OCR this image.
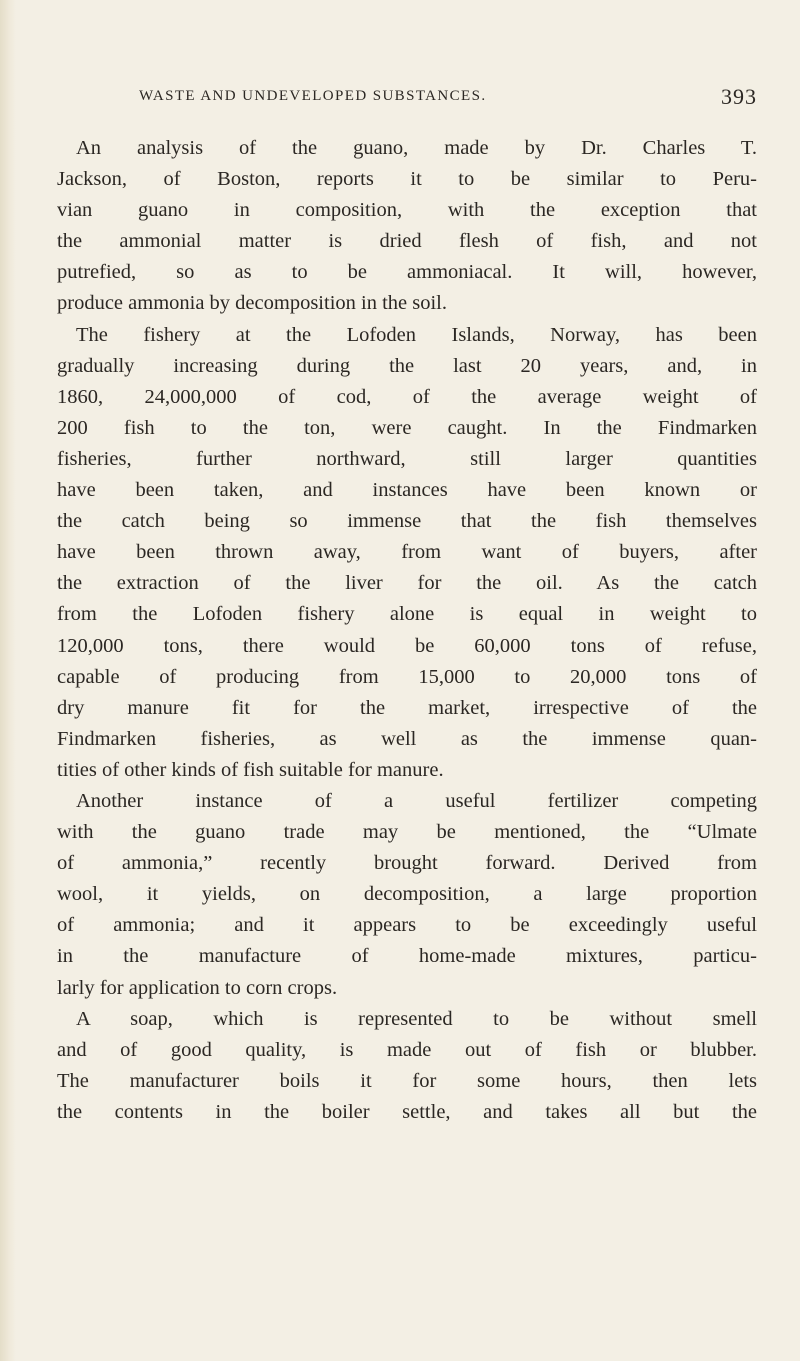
WASTE AND UNDEVELOPED SUBSTANCES.	393
An analysis of the guano, made by Dr. Charles T.
Jackson, of Boston, reports it to be similar to Peru-
vian guano in composition, with the exception that
the ammonial matter is dried flesh of fish, and not
putrefied, so as to be ammoniacal. It will, however,
produce ammonia by decomposition in the soil.
The fishery at the Lofoden Islands, Norway, has been
gradually increasing during the last 20 years, and, in
1860, 24,000,000 of cod, of the average weight of
200 fish to the ton, were caught. In the Findmarken
fisheries, further northward, still larger quantities
have been taken, and instances have been known or
the catch being so immense that the fish themselves
have been thrown away, from want of buyers, after
the extraction of the liver for the oil. As the catch
from the Lofoden fishery alone is equal in weight to
120,000 tons, there would be 60,000 tons of refuse,
capable of producing from 15,000 to 20,000 tons of
dry manure fit for the market, irrespective of the
Findmarken fisheries, as well as the immense quan-
tities of other kinds of fish suitable for manure.
Another instance of a useful fertilizer competing
with the guano trade may be mentioned, the “Ulmate
of ammonia,” recently brought forward. Derived from
wool, it yields, on decomposition, a large proportion
of ammonia; and it appears to be exceedingly useful
in the manufacture of home-made mixtures, particu-
larly for application to corn crops.
A soap, which is represented to be without smell
and of good quality, is made out of fish or blubber.
The manufacturer boils it for some hours, then lets
the contents in the boiler settle, and takes all but the
